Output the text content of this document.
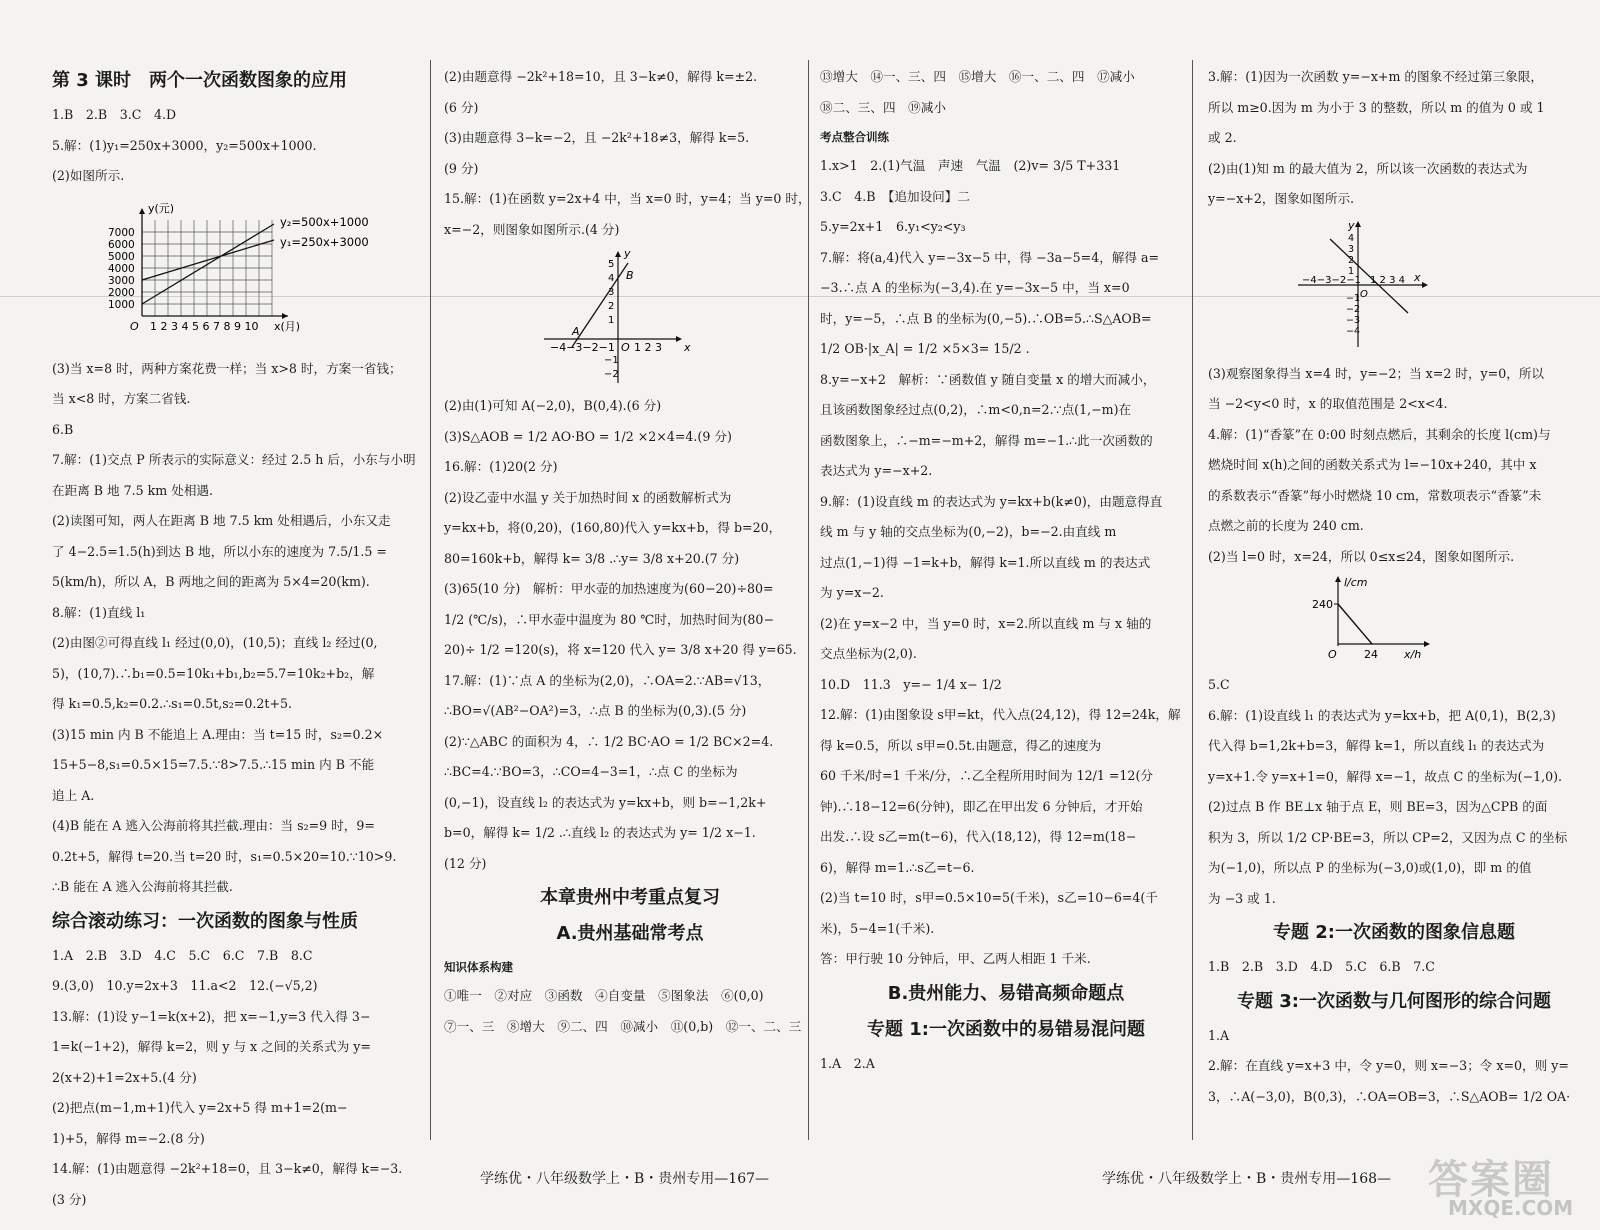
第 3 课时　两个一次函数图象的应用
1.B　2.B　3.C　4.D
5.解：(1)y₁=250x+3000，y₂=500x+1000.
(2)如图所示.
y(元)
7000
6000
5000
4000
3000
2000
1000
O 1 2 3 4 5 6 7 8 9 10 x(月)
y₂=500x+1000
y₁=250x+3000
(3)当 x=8 时，两种方案花费一样；当 x>8 时，方案一省钱；
当 x<8 时，方案二省钱.
6.B
7.解：(1)交点 P 所表示的实际意义：经过 2.5 h 后，小东与小明
在距离 B 地 7.5 km 处相遇.
(2)读图可知，两人在距离 B 地 7.5 km 处相遇后，小东又走
了 4−2.5=1.5(h)到达 B 地，所以小东的速度为 7.5/1.5 =
5(km/h)，所以 A，B 两地之间的距离为 5×4=20(km).
8.解：(1)直线 l₁
(2)由图②可得直线 l₁ 经过(0,0)，(10,5)；直线 l₂ 经过(0,
5)，(10,7).∴b₁=0.5=10k₁+b₁,b₂=5.7=10k₂+b₂，解
得 k₁=0.5,k₂=0.2.∴s₁=0.5t,s₂=0.2t+5.
(3)15 min 内 B 不能追上 A.理由：当 t=15 时，s₂=0.2×
15+5−8,s₁=0.5×15=7.5.∵8>7.5.∴15 min 内 B 不能
追上 A.
(4)B 能在 A 逃入公海前将其拦截.理由：当 s₂=9 时，9=
0.2t+5，解得 t=20.当 t=20 时，s₁=0.5×20=10.∵10>9.
∴B 能在 A 逃入公海前将其拦截.
综合滚动练习：一次函数的图象与性质
1.A　2.B　3.D　4.C　5.C　6.C　7.B　8.C
9.(3,0)　10.y=2x+3　11.a<2　12.(−√5,2)
13.解：(1)设 y−1=k(x+2)，把 x=−1,y=3 代入得 3−
1=k(−1+2)，解得 k=2，则 y 与 x 之间的关系式为 y=
2(x+2)+1=2x+5.(4 分)
(2)把点(m−1,m+1)代入 y=2x+5 得 m+1=2(m−
1)+5，解得 m=−2.(8 分)
14.解：(1)由题意得 −2k²+18=0，且 3−k≠0，解得 k=−3.
(3 分)
(2)由题意得 −2k²+18=10，且 3−k≠0，解得 k=±2.
(6 分)
(3)由题意得 3−k=−2，且 −2k²+18≠3，解得 k=5.
(9 分)
15.解：(1)在函数 y=2x+4 中，当 x=0 时，y=4；当 y=0 时，
x=−2，则图象如图所示.(4 分)
y
x
O
B
A
−4−3−2−1 1 2 3
5
4
3
2
1
−1
−2
(2)由(1)可知 A(−2,0)，B(0,4).(6 分)
(3)S△AOB = 1/2 AO·BO = 1/2 ×2×4=4.(9 分)
16.解：(1)20(2 分)
(2)设乙壶中水温 y 关于加热时间 x 的函数解析式为
y=kx+b，将(0,20)，(160,80)代入 y=kx+b，得 b=20，
80=160k+b，解得 k= 3/8 .∴y= 3/8 x+20.(7 分)
(3)65(10 分)　解析：甲水壶的加热速度为(60−20)÷80=
1/2 (℃/s)，∴甲水壶中温度为 80 ℃时，加热时间为(80−
20)÷ 1/2 =120(s)，将 x=120 代入 y= 3/8 x+20 得 y=65.
17.解：(1)∵点 A 的坐标为(2,0)，∴OA=2.∵AB=√13，
∴BO=√(AB²−OA²)=3，∴点 B 的坐标为(0,3).(5 分)
(2)∵△ABC 的面积为 4，∴ 1/2 BC·AO = 1/2 BC×2=4.
∴BC=4.∵BO=3，∴CO=4−3=1，∴点 C 的坐标为
(0,−1)，设直线 l₂ 的表达式为 y=kx+b，则 b=−1,2k+
b=0，解得 k= 1/2 .∴直线 l₂ 的表达式为 y= 1/2 x−1.
(12 分)
本章贵州中考重点复习
A.贵州基础常考点
知识体系构建
①唯一　②对应　③函数　④自变量　⑤图象法　⑥(0,0)
⑦一、三　⑧增大　⑨二、四　⑩减小　⑪(0,b)　⑫一、二、三
⑬增大　⑭一、三、四　⑮增大　⑯一、二、四　⑰减小
⑱二、三、四　⑲减小
考点整合训练
1.x>1　2.(1)气温　声速　气温　(2)v= 3/5 T+331
3.C　4.B　【追加设问】二
5.y=2x+1　6.y₁<y₂<y₃
7.解：将(a,4)代入 y=−3x−5 中，得 −3a−5=4，解得 a=
−3.∴点 A 的坐标为(−3,4).在 y=−3x−5 中，当 x=0
时，y=−5，∴点 B 的坐标为(0,−5).∴OB=5.∴S△AOB=
1/2 OB·|x_A| = 1/2 ×5×3= 15/2 .
8.y=−x+2　解析：∵函数值 y 随自变量 x 的增大而减小，
且该函数图象经过点(0,2)，∴m<0,n=2.∵点(1,−m)在
函数图象上，∴−m=−m+2，解得 m=−1.∴此一次函数的
表达式为 y=−x+2.
9.解：(1)设直线 m 的表达式为 y=kx+b(k≠0)，由题意得直
线 m 与 y 轴的交点坐标为(0,−2)，b=−2.由直线 m
过点(1,−1)得 −1=k+b，解得 k=1.所以直线 m 的表达式
为 y=x−2.
(2)在 y=x−2 中，当 y=0 时，x=2.所以直线 m 与 x 轴的
交点坐标为(2,0).
10.D　11.3　y=− 1/4 x− 1/2
12.解：(1)由图象设 s甲=kt，代入点(24,12)，得 12=24k，解
得 k=0.5，所以 s甲=0.5t.由题意，得乙的速度为
60 千米/时=1 千米/分，∴乙全程所用时间为 12/1 =12(分
钟).∴18−12=6(分钟)，即乙在甲出发 6 分钟后，才开始
出发.∴设 s乙=m(t−6)，代入(18,12)，得 12=m(18−
6)，解得 m=1.∴s乙=t−6.
(2)当 t=10 时，s甲=0.5×10=5(千米)，s乙=10−6=4(千
米)，5−4=1(千米).
答：甲行驶 10 分钟后，甲、乙两人相距 1 千米.
B.贵州能力、易错高频命题点
专题 1:一次函数中的易错易混问题
1.A　2.A
3.解：(1)因为一次函数 y=−x+m 的图象不经过第三象限，
所以 m≥0.因为 m 为小于 3 的整数，所以 m 的值为 0 或 1
或 2.
(2)由(1)知 m 的最大值为 2，所以该一次函数的表达式为
y=−x+2，图象如图所示.
y
x
O
−4−3−2−1 1 2 3 4
4
3
2
1
−1
−2
−3
−4
(3)观察图象得当 x=4 时，y=−2；当 x=2 时，y=0，所以
当 −2<y<0 时，x 的取值范围是 2<x<4.
4.解：(1)“香篆”在 0:00 时刻点燃后，其剩余的长度 l(cm)与
燃烧时间 x(h)之间的函数关系式为 l=−10x+240，其中 x
的系数表示“香篆”每小时燃烧 10 cm，常数项表示“香篆”未
点燃之前的长度为 240 cm.
(2)当 l=0 时，x=24，所以 0≤x≤24，图象如图所示.
l/cm
240
O 24 x/h
5.C
6.解：(1)设直线 l₁ 的表达式为 y=kx+b，把 A(0,1)，B(2,3)
代入得 b=1,2k+b=3，解得 k=1，所以直线 l₁ 的表达式为
y=x+1.令 y=x+1=0，解得 x=−1，故点 C 的坐标为(−1,0).
(2)过点 B 作 BE⊥x 轴于点 E，则 BE=3，因为△CPB 的面
积为 3，所以 1/2 CP·BE=3，所以 CP=2，又因为点 C 的坐标
为(−1,0)，所以点 P 的坐标为(−3,0)或(1,0)，即 m 的值
为 −3 或 1.
专题 2:一次函数的图象信息题
1.B　2.B　3.D　4.D　5.C　6.B　7.C
专题 3:一次函数与几何图形的综合问题
1.A
2.解：在直线 y=x+3 中，令 y=0，则 x=−3；令 x=0，则 y=
3，∴A(−3,0)，B(0,3)，∴OA=OB=3，∴S△AOB= 1/2 OA·
学练优・八年级数学上・B・贵州专用—167—	学练优・八年级数学上・B・贵州专用—168— 答案圈
MXQE.COM
